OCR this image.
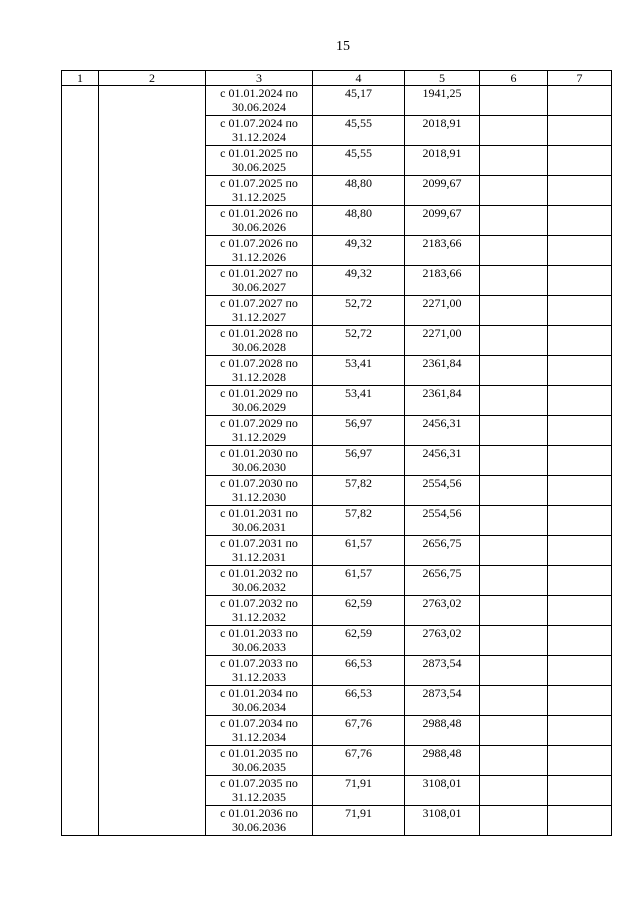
15
1	2	3	4	5	6	7
		с 01.01.2024 по 30.06.2024	45,17	1941,25		
		с 01.07.2024 по 31.12.2024	45,55	2018,91		
		с 01.01.2025 по 30.06.2025	45,55	2018,91		
		с 01.07.2025 по 31.12.2025	48,80	2099,67		
		с 01.01.2026 по 30.06.2026	48,80	2099,67		
		с 01.07.2026 по 31.12.2026	49,32	2183,66		
		с 01.01.2027 по 30.06.2027	49,32	2183,66		
		с 01.07.2027 по 31.12.2027	52,72	2271,00		
		с 01.01.2028 по 30.06.2028	52,72	2271,00		
		с 01.07.2028 по 31.12.2028	53,41	2361,84		
		с 01.01.2029 по 30.06.2029	53,41	2361,84		
		с 01.07.2029 по 31.12.2029	56,97	2456,31		
		с 01.01.2030 по 30.06.2030	56,97	2456,31		
		с 01.07.2030 по 31.12.2030	57,82	2554,56		
		с 01.01.2031 по 30.06.2031	57,82	2554,56		
		с 01.07.2031 по 31.12.2031	61,57	2656,75		
		с 01.01.2032 по 30.06.2032	61,57	2656,75		
		с 01.07.2032 по 31.12.2032	62,59	2763,02		
		с 01.01.2033 по 30.06.2033	62,59	2763,02		
		с 01.07.2033 по 31.12.2033	66,53	2873,54		
		с 01.01.2034 по 30.06.2034	66,53	2873,54		
		с 01.07.2034 по 31.12.2034	67,76	2988,48		
		с 01.01.2035 по 30.06.2035	67,76	2988,48		
		с 01.07.2035 по 31.12.2035	71,91	3108,01		
		с 01.01.2036 по 30.06.2036	71,91	3108,01		
